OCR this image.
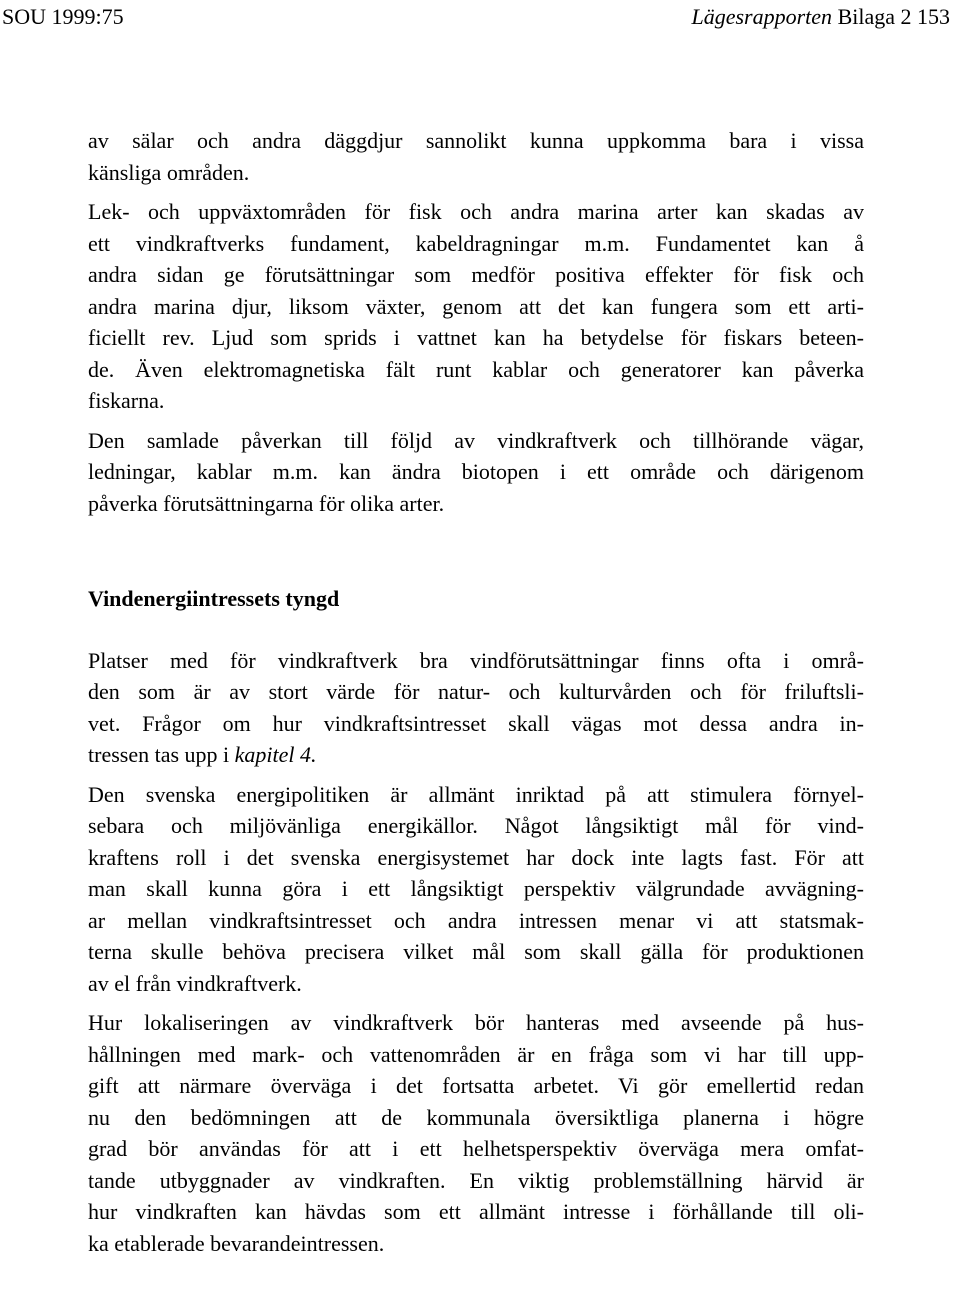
SOU 1999:75	Lägesrapporten Bilaga 2 153

av sälar och andra däggdjur sannolikt kunna uppkomma bara i vissa
känsliga områden.

Lek- och uppväxtområden för fisk och andra marina arter kan skadas av
ett vindkraftverks fundament, kabeldragningar m.m. Fundamentet kan å
andra sidan ge förutsättningar som medför positiva effekter för fisk och
andra marina djur, liksom växter, genom att det kan fungera som ett arti-
ficiellt rev. Ljud som sprids i vattnet kan ha betydelse för fiskars beteen-
de. Även elektromagnetiska fält runt kablar och generatorer kan påverka
fiskarna.

Den samlade påverkan till följd av vindkraftverk och tillhörande vägar,
ledningar, kablar m.m. kan ändra biotopen i ett område och därigenom
påverka förutsättningarna för olika arter.

Vindenergiintressets tyngd

Platser med för vindkraftverk bra vindförutsättningar finns ofta i områ-
den som är av stort värde för natur- och kulturvården och för friluftsli-
vet. Frågor om hur vindkraftsintresset skall vägas mot dessa andra in-
tressen tas upp i kapitel 4.

Den svenska energipolitiken är allmänt inriktad på att stimulera förnyel-
sebara och miljövänliga energikällor. Något långsiktigt mål för vind-
kraftens roll i det svenska energisystemet har dock inte lagts fast. För att
man skall kunna göra i ett långsiktigt perspektiv välgrundade avvägning-
ar mellan vindkraftsintresset och andra intressen menar vi att statsmak-
terna skulle behöva precisera vilket mål som skall gälla för produktionen
av el från vindkraftverk.

Hur lokaliseringen av vindkraftverk bör hanteras med avseende på hus-
hållningen med mark- och vattenområden är en fråga som vi har till upp-
gift att närmare överväga i det fortsatta arbetet. Vi gör emellertid redan
nu den bedömningen att de kommunala översiktliga planerna i högre
grad bör användas för att i ett helhetsperspektiv överväga mera omfat-
tande utbyggnader av vindkraften. En viktig problemställning härvid är
hur vindkraften kan hävdas som ett allmänt intresse i förhållande till oli-
ka etablerade bevarandeintressen.
